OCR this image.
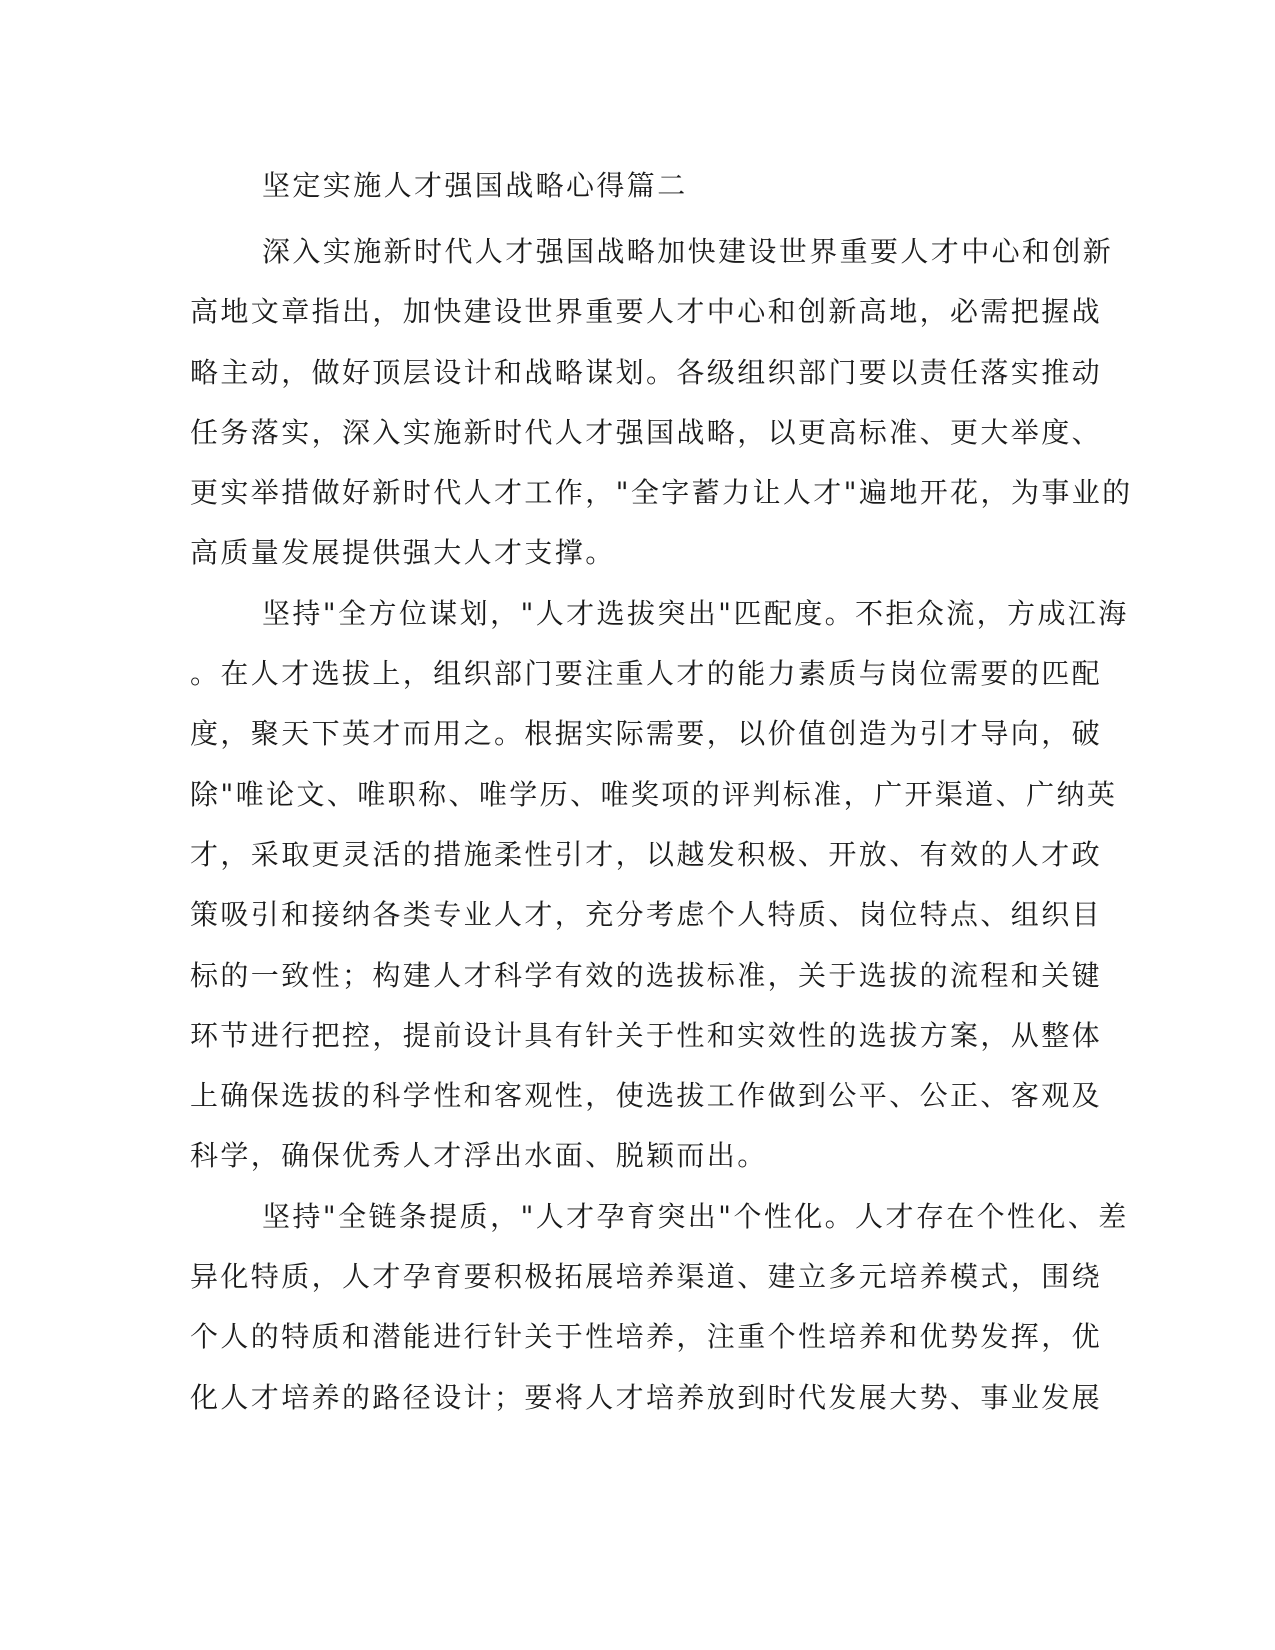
坚定实施人才强国战略心得篇二
深入实施新时代人才强国战略加快建设世界重要人才中心和创新
高地文章指出，加快建设世界重要人才中心和创新高地，必需把握战
略主动，做好顶层设计和战略谋划。各级组织部门要以责任落实推动
任务落实，深入实施新时代人才强国战略，以更高标准、更大举度、
更实举措做好新时代人才工作，"全字蓄力让人才"遍地开花，为事业的
高质量发展提供强大人才支撑。
坚持"全方位谋划，"人才选拔突出"匹配度。不拒众流，方成江海
。在人才选拔上，组织部门要注重人才的能力素质与岗位需要的匹配
度，聚天下英才而用之。根据实际需要，以价值创造为引才导向，破
除"唯论文、唯职称、唯学历、唯奖项的评判标准，广开渠道、广纳英
才，采取更灵活的措施柔性引才，以越发积极、开放、有效的人才政
策吸引和接纳各类专业人才，充分考虑个人特质、岗位特点、组织目
标的一致性；构建人才科学有效的选拔标准，关于选拔的流程和关键
环节进行把控，提前设计具有针关于性和实效性的选拔方案，从整体
上确保选拔的科学性和客观性，使选拔工作做到公平、公正、客观及
科学，确保优秀人才浮出水面、脱颖而出。
坚持"全链条提质，"人才孕育突出"个性化。人才存在个性化、差
异化特质，人才孕育要积极拓展培养渠道、建立多元培养模式，围绕
个人的特质和潜能进行针关于性培养，注重个性培养和优势发挥，优
化人才培养的路径设计；要将人才培养放到时代发展大势、事业发展
